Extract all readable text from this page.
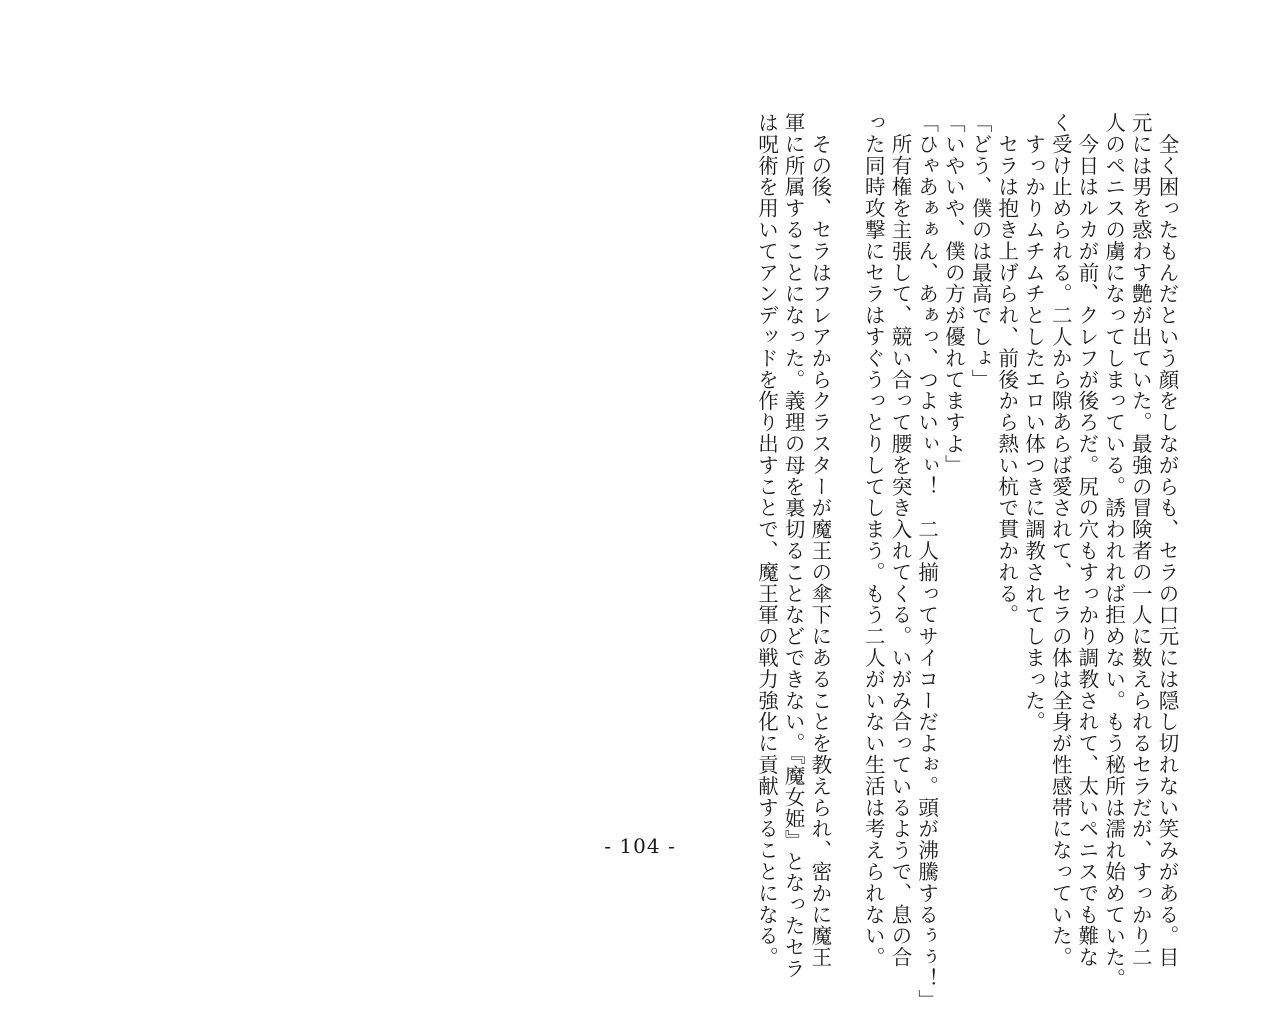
　全く困ったもんだという顔をしながらも、セラの口元には隠し切れない笑みがある。目
元には男を惑わす艶が出ていた。最強の冒険者の一人に数えられるセラだが、すっかり二
人のペニスの虜になってしまっている。誘われれば拒めない。もう秘所は濡れ始めていた。
　今日はルカが前、クレフが後ろだ。尻の穴もすっかり調教されて、太いペニスでも難な
く受け止められる。二人から隙あらば愛されて、セラの体は全身が性感帯になっていた。
　すっかりムチムチとしたエロい体つきに調教されてしまった。
　セラは抱き上げられ、前後から熱い杭で貫かれる。
「どう、僕のは最高でしょ」
「いやいや、僕の方が優れてますよ」
「ひゃあぁぁん、あぁっ、つよいぃぃ！　二人揃ってサイコーだよぉ。頭が沸騰するぅぅ！」
　所有権を主張して、競い合って腰を突き入れてくる。いがみ合っているようで、息の合
った同時攻撃にセラはすぐうっとりしてしまう。もう二人がいない生活は考えられない。
　その後、セラはフレアからクラスターが魔王の傘下にあることを教えられ、密かに魔王
軍に所属することになった。義理の母を裏切ることなどできない。『魔女姫』となったセラ
は呪術を用いてアンデッドを作り出すことで、魔王軍の戦力強化に貢献することになる。
- 104 -
